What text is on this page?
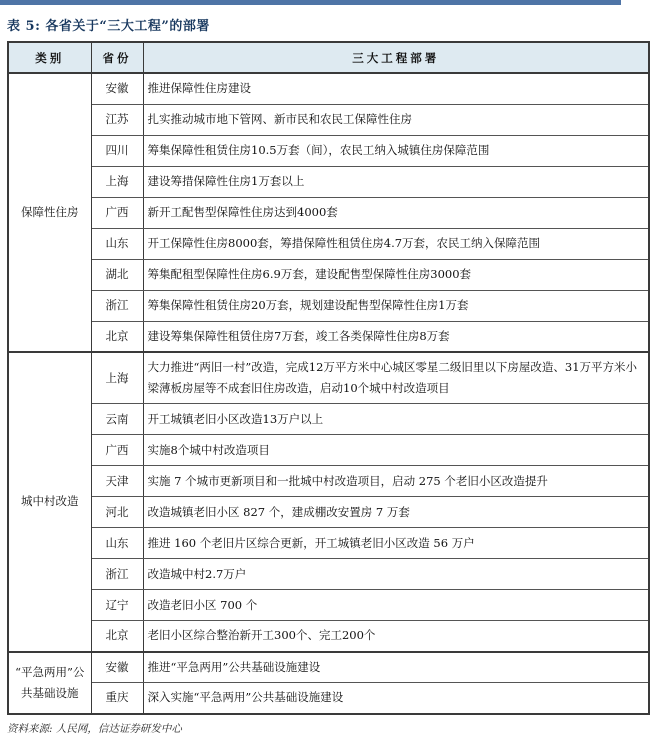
表 5: 各省关于“三大工程”的部署
类别	省份	三大工程部署
保障性住房	安徽	推进保障性住房建设
	江苏	扎实推动城市地下管网、新市民和农民工保障性住房
	四川	筹集保障性租赁住房10.5万套（间），农民工纳入城镇住房保障范围
	上海	建设筹措保障性住房1万套以上
	广西	新开工配售型保障性住房达到4000套
	山东	开工保障性住房8000套，筹措保障性租赁住房4.7万套，农民工纳入保障范围
	湖北	筹集配租型保障性住房6.9万套，建设配售型保障性住房3000套
	浙江	筹集保障性租赁住房20万套，规划建设配售型保障性住房1万套
	北京	建设筹集保障性租赁住房7万套，竣工各类保障性住房8万套
城中村改造	上海	大力推进“两旧一村”改造，完成12万平方米中心城区零星二级旧里以下房屋改造、31万平方米小梁薄板房屋等不成套旧住房改造，启动10个城中村改造项目
	云南	开工城镇老旧小区改造13万户以上
	广西	实施8个城中村改造项目
	天津	实施 7 个城市更新项目和一批城中村改造项目，启动 275 个老旧小区改造提升
	河北	改造城镇老旧小区 827 个，建成棚改安置房 7 万套
	山东	推进 160 个老旧片区综合更新，开工城镇老旧小区改造 56 万户
	浙江	改造城中村2.7万户
	辽宁	改造老旧小区 700 个
	北京	老旧小区综合整治新开工300个、完工200个
“平急两用”公共基础设施	安徽	推进“平急两用”公共基础设施建设
	重庆	深入实施“平急两用”公共基础设施建设
资料来源: 人民网，信达证券研发中心
